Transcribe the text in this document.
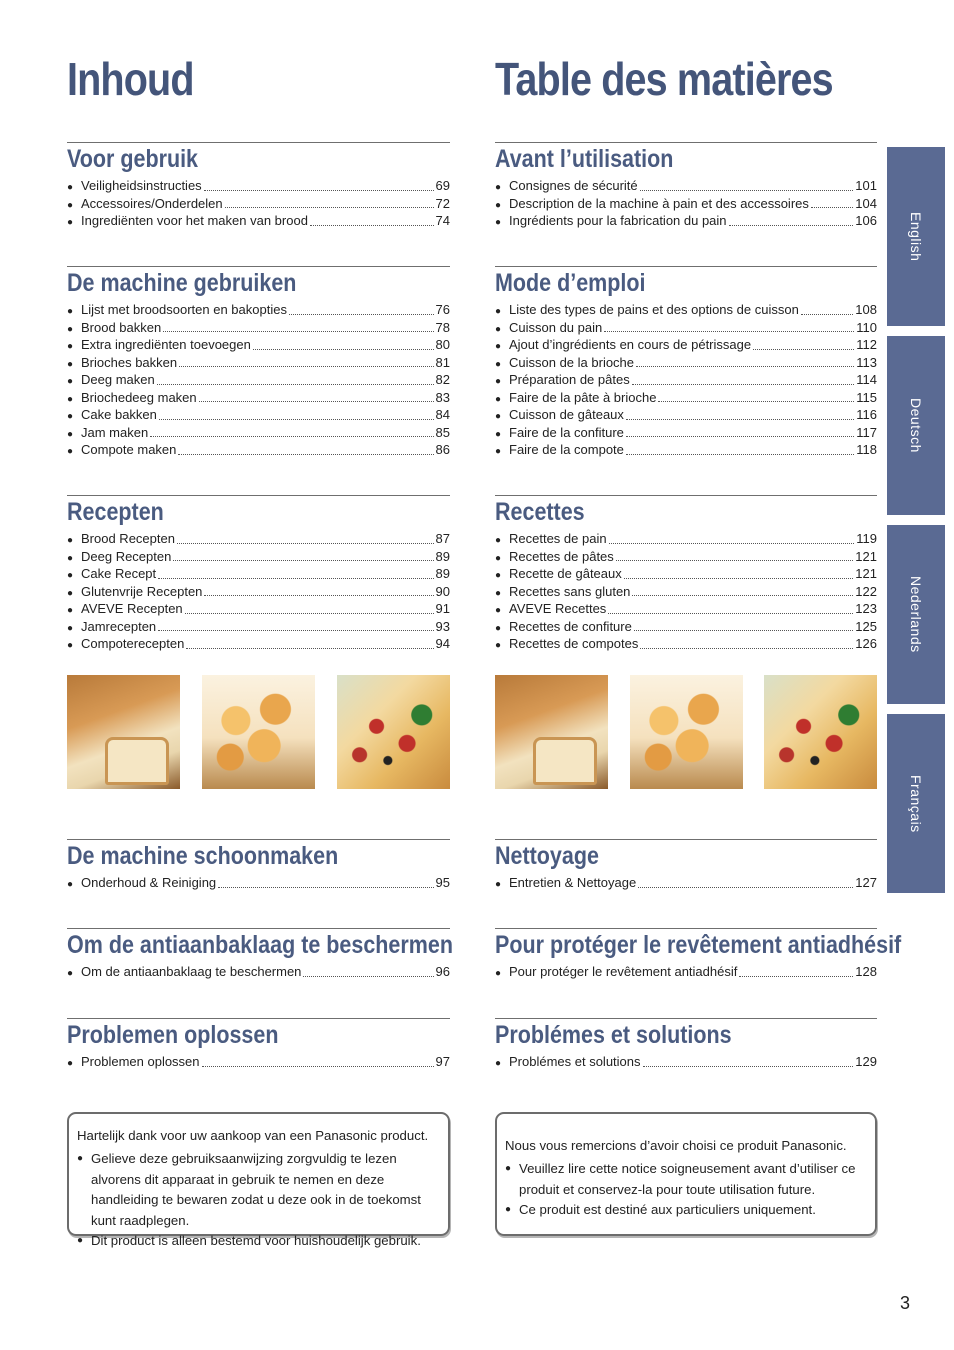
Inhoud	Table des matières
Voor gebruik
● Veiligheidsinstructies	69
● Accessoires/Onderdelen	72
● Ingrediënten voor het maken van brood	74
De machine gebruiken
● Lijst met broodsoorten en bakopties	76
● Brood bakken	78
● Extra ingrediënten toevoegen	80
● Brioches bakken	81
● Deeg maken	82
● Briochedeeg maken	83
● Cake bakken	84
● Jam maken	85
● Compote maken	86
Recepten
● Brood Recepten	87
● Deeg Recepten	89
● Cake Recept	89
● Glutenvrije Recepten	90
● AVEVE Recepten	91
● Jamrecepten	93
● Compoterecepten	94
De machine schoonmaken
● Onderhoud & Reiniging	95
Om de antiaanbaklaag te beschermen
● Om de antiaanbaklaag te beschermen	96
Problemen oplossen
● Problemen oplossen	97

Hartelijk dank voor uw aankoop van een Panasonic product.

● Gelieve deze gebruiksaanwijzing zorgvuldig te lezen alvorens dit apparaat in gebruik te nemen en deze handleiding te bewaren zodat u deze ook in de toekomst kunt raadplegen.
● Dit product is alleen bestemd voor huishoudelijk gebruik.
Avant l’utilisation
● Consignes de sécurité	101
● Description de la machine à pain et des accessoires	104
● Ingrédients pour la fabrication du pain	106
Mode d’emploi
● Liste des types de pains et des options de cuisson	108
● Cuisson du pain	110
● Ajout d’ingrédients en cours de pétrissage	112
● Cuisson de la brioche	113
● Préparation de pâtes	114
● Faire de la pâte à brioche	115
● Cuisson de gâteaux	116
● Faire de la confiture	117
● Faire de la compote	118
Recettes
● Recettes de pain	119
● Recettes de pâtes	121
● Recette de gâteaux	121
● Recettes sans gluten	122
● AVEVE Recettes	123
● Recettes de confiture	125
● Recettes de compotes	126
Nettoyage
● Entretien & Nettoyage	127
Pour protéger le revêtement antiadhésif
● Pour protéger le revêtement antiadhésif	128
Problémes et solutions
● Problémes et solutions	129

Nous vous remercions d’avoir choisi ce produit Panasonic.

● Veuillez lire cette notice soigneusement avant d’utiliser ce produit et conservez-la pour toute utilisation future.
● Ce produit est destiné aux particuliers uniquement.
English
Deutsch
Nederlands
Français
3
